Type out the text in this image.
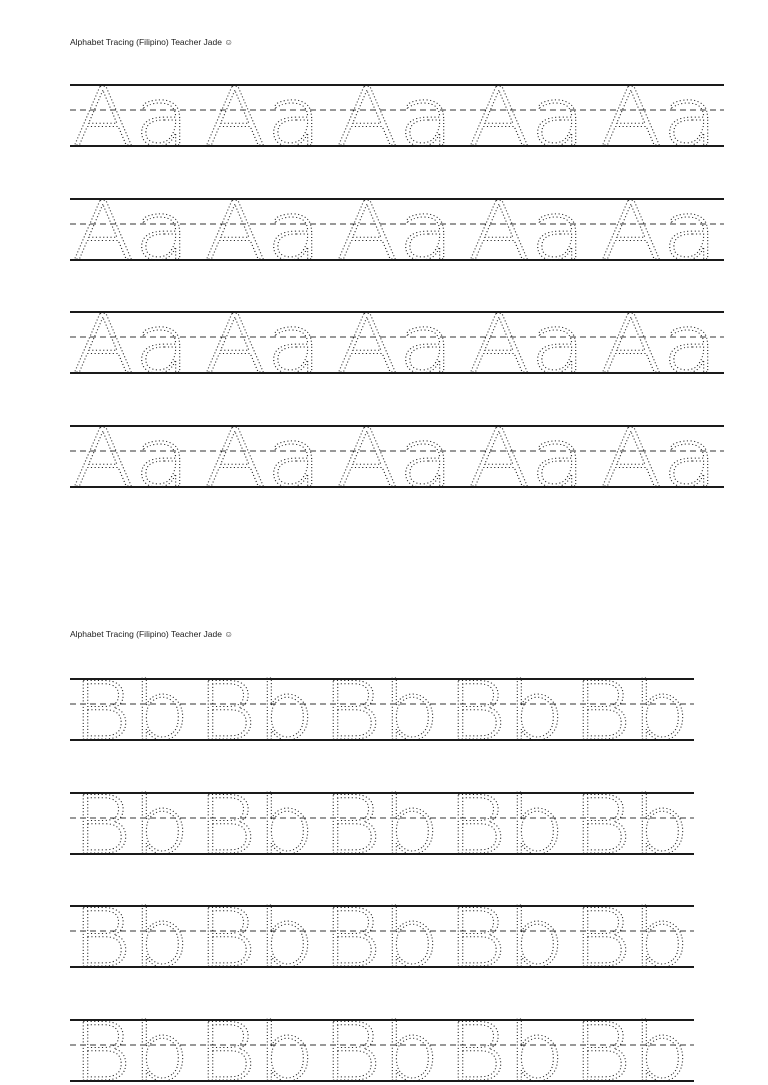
Alphabet Tracing (Filipino) Teacher Jade ☺
Aa Aa Aa Aa Aa
Aa Aa Aa Aa Aa
Aa Aa Aa Aa Aa
Aa Aa Aa Aa Aa
Alphabet Tracing (Filipino) Teacher Jade ☺
Bb Bb Bb Bb Bb
Bb Bb Bb Bb Bb
Bb Bb Bb Bb Bb
Bb Bb Bb Bb Bb
